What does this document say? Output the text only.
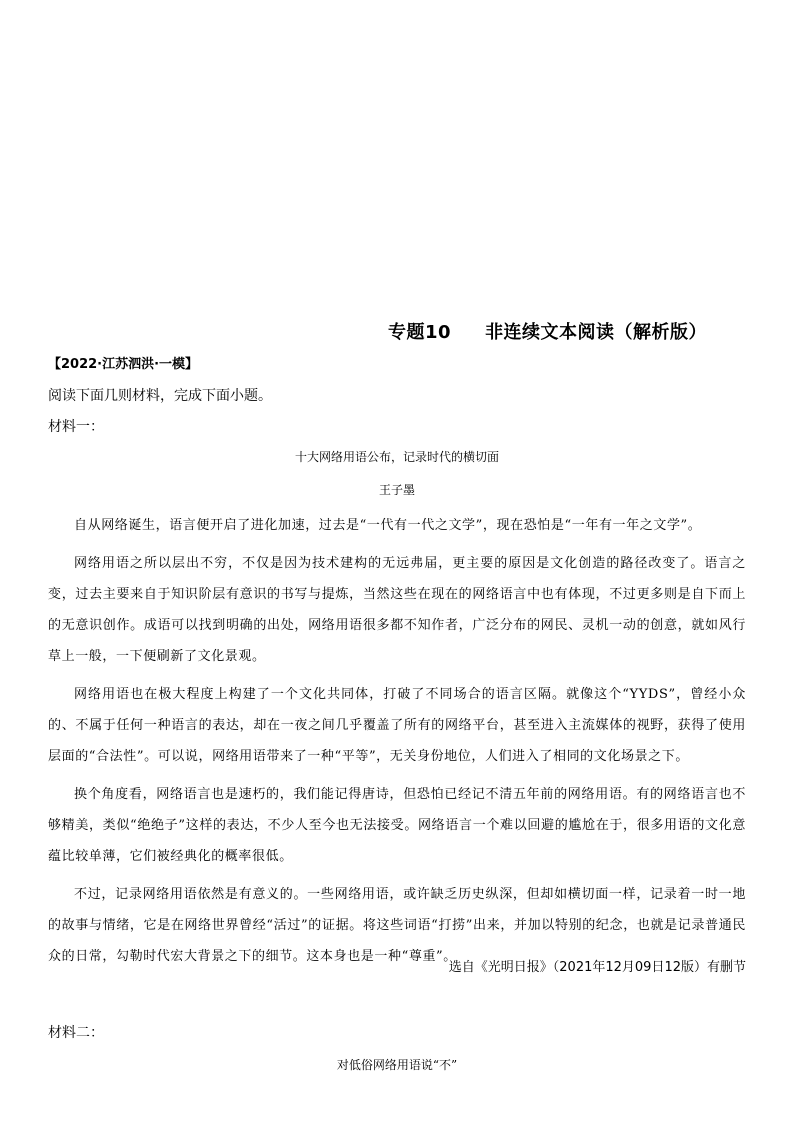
专题10 非连续文本阅读（解析版）
【2022·江苏泗洪·一模】
阅读下面几则材料，完成下面小题。
材料一：
十大网络用语公布，记录时代的横切面
王子墨

自从网络诞生，语言便开启了进化加速，过去是“一代有一代之文学”，现在恐怕是“一年有一年之文学”。

网络用语之所以层出不穷，不仅是因为技术建构的无远弗届，更主要的原因是文化创造的路径改变了。语言之变，过去主要来自于知识阶层有意识的书写与提炼，当然这些在现在的网络语言中也有体现，不过更多则是自下而上的无意识创作。成语可以找到明确的出处，网络用语很多都不知作者，广泛分布的网民、灵机一动的创意，就如风行草上一般，一下便刷新了文化景观。

网络用语也在极大程度上构建了一个文化共同体，打破了不同场合的语言区隔。就像这个“YYDS”，曾经小众的、不属于任何一种语言的表达，却在一夜之间几乎覆盖了所有的网络平台，甚至进入主流媒体的视野，获得了使用层面的“合法性”。可以说，网络用语带来了一种“平等”，无关身份地位，人们进入了相同的文化场景之下。

换个角度看，网络语言也是速朽的，我们能记得唐诗，但恐怕已经记不清五年前的网络用语。有的网络语言也不够精美，类似“绝绝子”这样的表达，不少人至今也无法接受。网络语言一个难以回避的尴尬在于，很多用语的文化意蕴比较单薄，它们被经典化的概率很低。

不过，记录网络用语依然是有意义的。一些网络用语，或许缺乏历史纵深，但却如横切面一样，记录着一时一地的故事与情绪，它是在网络世界曾经“活过”的证据。将这些词语“打捞”出来，并加以特别的纪念，也就是记录普通民众的日常，勾勒时代宏大背景之下的细节。这本身也是一种“尊重”。

选自《光明日报》（2021年12月09日12版）有删节
材料二：
对低俗网络用语说“不”
